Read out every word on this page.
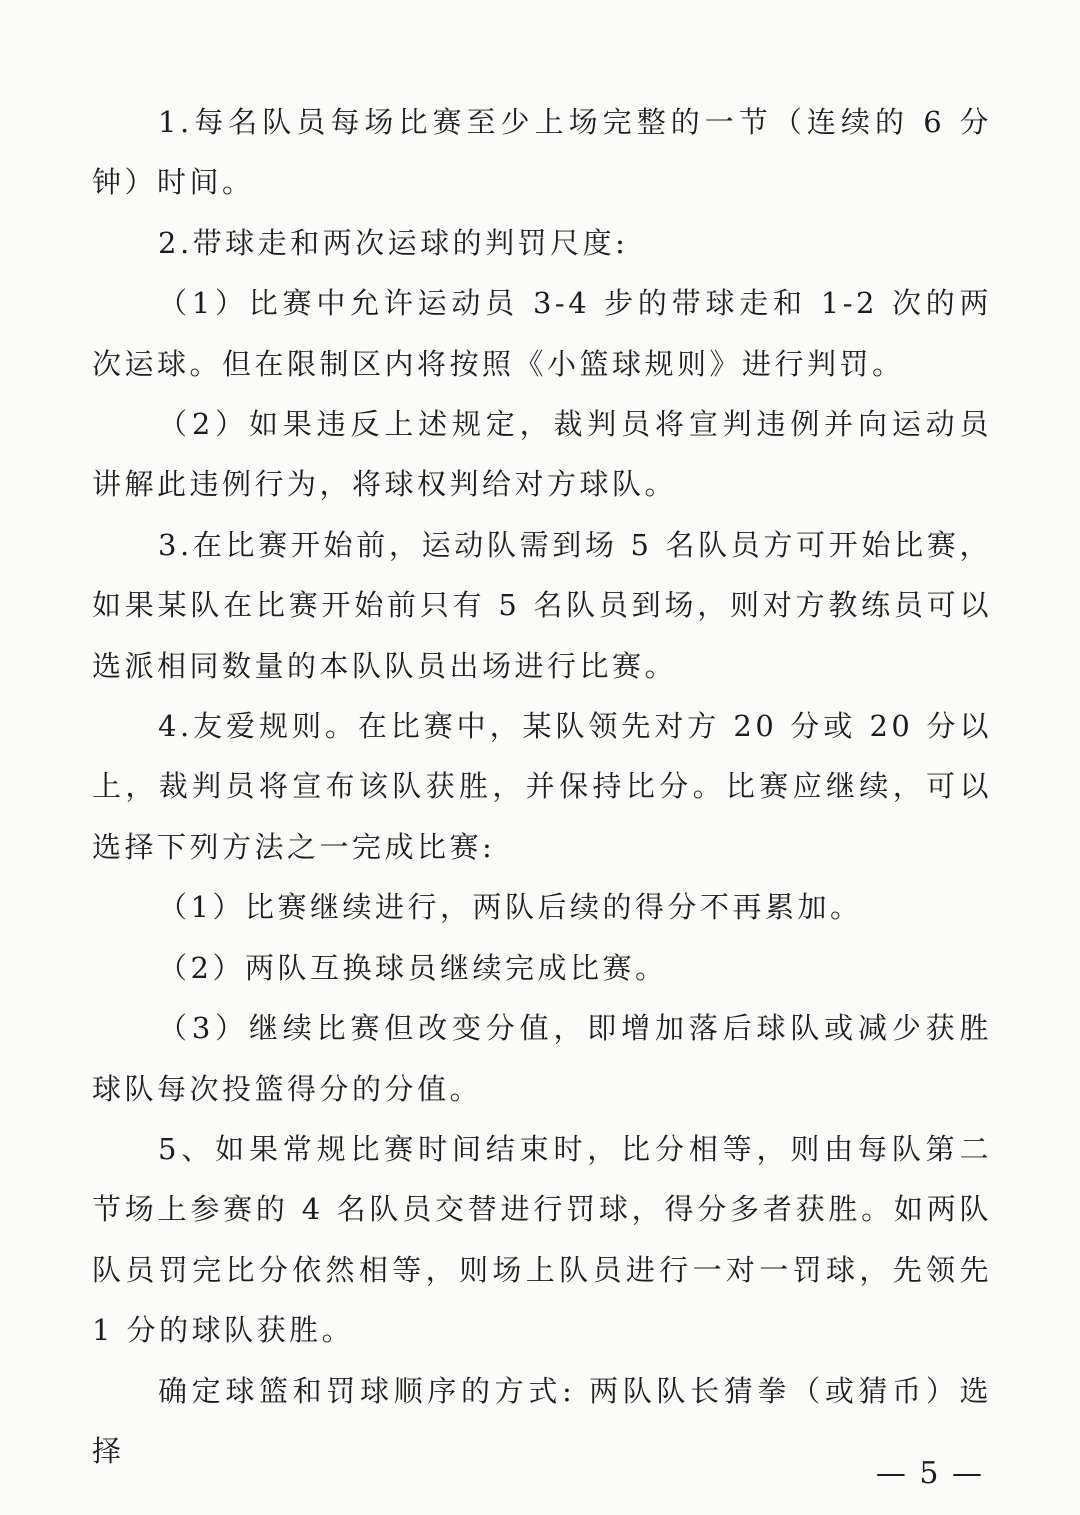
1.每名队员每场比赛至少上场完整的一节（连续的 6 分钟）时间。

2.带球走和两次运球的判罚尺度:

（1）比赛中允许运动员 3-4 步的带球走和 1-2 次的两次运球。但在限制区内将按照《小篮球规则》进行判罚。

（2）如果违反上述规定，裁判员将宣判违例并向运动员讲解此违例行为，将球权判给对方球队。

3.在比赛开始前，运动队需到场 5 名队员方可开始比赛，如果某队在比赛开始前只有 5 名队员到场，则对方教练员可以选派相同数量的本队队员出场进行比赛。

4.友爱规则。在比赛中，某队领先对方 20 分或 20 分以上，裁判员将宣布该队获胜，并保持比分。比赛应继续，可以选择下列方法之一完成比赛:

（1）比赛继续进行，两队后续的得分不再累加。

（2）两队互换球员继续完成比赛。

（3）继续比赛但改变分值，即增加落后球队或减少获胜球队每次投篮得分的分值。

5、如果常规比赛时间结束时，比分相等，则由每队第二节场上参赛的 4 名队员交替进行罚球，得分多者获胜。如两队队员罚完比分依然相等，则场上队员进行一对一罚球，先领先 1 分的球队获胜。

确定球篮和罚球顺序的方式: 两队队长猜拳（或猜币）选择

— 5 —
